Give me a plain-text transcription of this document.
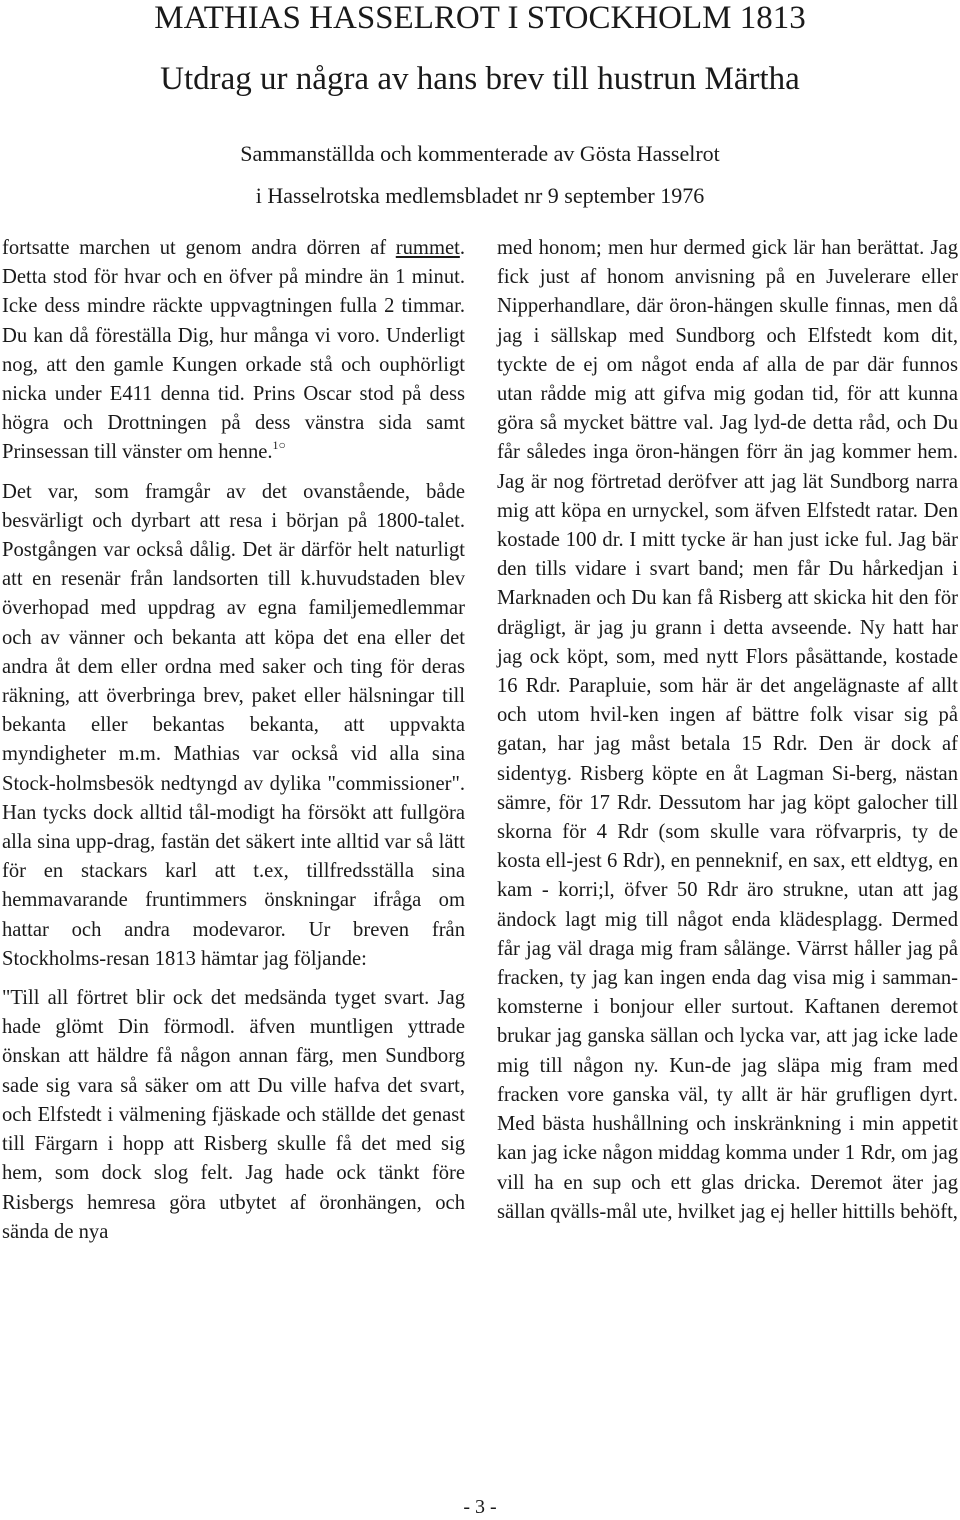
MATHIAS HASSELROT I STOCKHOLM 1813
Utdrag ur några av hans brev till hustrun Märtha

Sammanställda och kommenterade av Gösta Hasselrot

i Hasselrotska medlemsbladet nr 9 september 1976

fortsatte marchen ut genom andra dörren af rummet. Detta stod för hvar och en öfver på mindre än 1 minut. Icke dess mindre räckte uppvagtningen fulla 2 timmar. Du kan då föreställa Dig, hur många vi voro. Underligt nog, att den gamle Kungen orkade stå och ouphörligt nicka under E411 denna tid. Prins Oscar stod på dess högra och Drottningen på dess vänstra sida samt Prinsessan till vänster om henne.$^{1○}$

Det var, som framgår av det ovanstående, både besvärligt och dyrbart att resa i början på 1800-talet. Postgången var också dålig. Det är därför helt naturligt att en resenär från landsorten till k.huvudstaden blev överhopad med uppdrag av egna familjemedlemmar och av vänner och bekanta att köpa det ena eller det andra åt dem eller ordna med saker och ting för deras räkning, att överbringa brev, paket eller hälsningar till bekanta eller bekantas bekanta, att uppvakta myndigheter m.m. Mathias var också vid alla sina Stock-holmsbesök nedtyngd av dylika "commissioner". Han tycks dock alltid tål-modigt ha försökt att fullgöra alla sina upp-drag, fastän det säkert inte alltid var så lätt för en stackars karl att t.ex, tillfredsställa sina hemmavarande fruntimmers önskningar ifråga om hattar och andra modevaror. Ur breven från Stockholms-resan 1813 hämtar jag följande:

"Till all förtret blir ock det medsända tyget svart. Jag hade glömt Din förmodl. äfven muntligen yttrade önskan att häldre få någon annan färg, men Sundborg sade sig vara så säker om att Du ville hafva det svart, och Elfstedt i välmening fjäskade och ställde det genast till Färgarn i hopp att Risberg skulle få det med sig hem, som dock slog felt. Jag hade ock tänkt före Risbergs hemresa göra utbytet af öronhängen, och sända de nya

med honom; men hur dermed gick lär han berättat. Jag fick just af honom anvisning på en Juvelerare eller Nipperhandlare, där öron-hängen skulle finnas, men då jag i sällskap med Sundborg och Elfstedt kom dit, tyckte de ej om något enda af alla de par där funnos utan rådde mig att gifva mig godan tid, för att kunna göra så mycket bättre val. Jag lyd-de detta råd, och Du får således inga öron-hängen förr än jag kommer hem. Jag är nog förtretad deröfver att jag lät Sundborg narra mig att köpa en urnyckel, som äfven Elfstedt ratar. Den kostade 100 dr. I mitt tycke är han just icke ful. Jag bär den tills vidare i svart band; men får Du hårkedjan i Marknaden och Du kan få Risberg att skicka hit den för drägligt, är jag ju grann i detta avseende. Ny hatt har jag ock köpt, som, med nytt Flors påsättande, kostade 16 Rdr. Parapluie, som här är det angelägnaste af allt och utom hvil-ken ingen af bättre folk visar sig på gatan, har jag måst betala 15 Rdr. Den är dock af sidentyg. Risberg köpte en åt Lagman Si-berg, nästan sämre, för 17 Rdr. Dessutom har jag köpt galocher till skorna för 4 Rdr (som skulle vara röfvarpris, ty de kosta ell-jest 6 Rdr), en penneknif, en sax, ett eldtyg, en kam - korri;l, öfver 50 Rdr äro strukne, utan att jag ändock lagt mig till något enda klädesplagg. Dermed får jag väl draga mig fram sålänge. Värrst håller jag på fracken, ty jag kan ingen enda dag visa mig i samman-komsterne i bonjour eller surtout. Kaftanen deremot brukar jag ganska sällan och lycka var, att jag icke lade mig till någon ny. Kun-de jag släpa mig fram med fracken vore ganska väl, ty allt är här grufligen dyrt. Med bästa hushållning och inskränkning i min appetit kan jag icke någon middag komma under 1 Rdr, om jag vill ha en sup och ett glas dricka. Deremot äter jag sällan qvälls-mål ute, hvilket jag ej heller hittills behöft,

- 3 -
